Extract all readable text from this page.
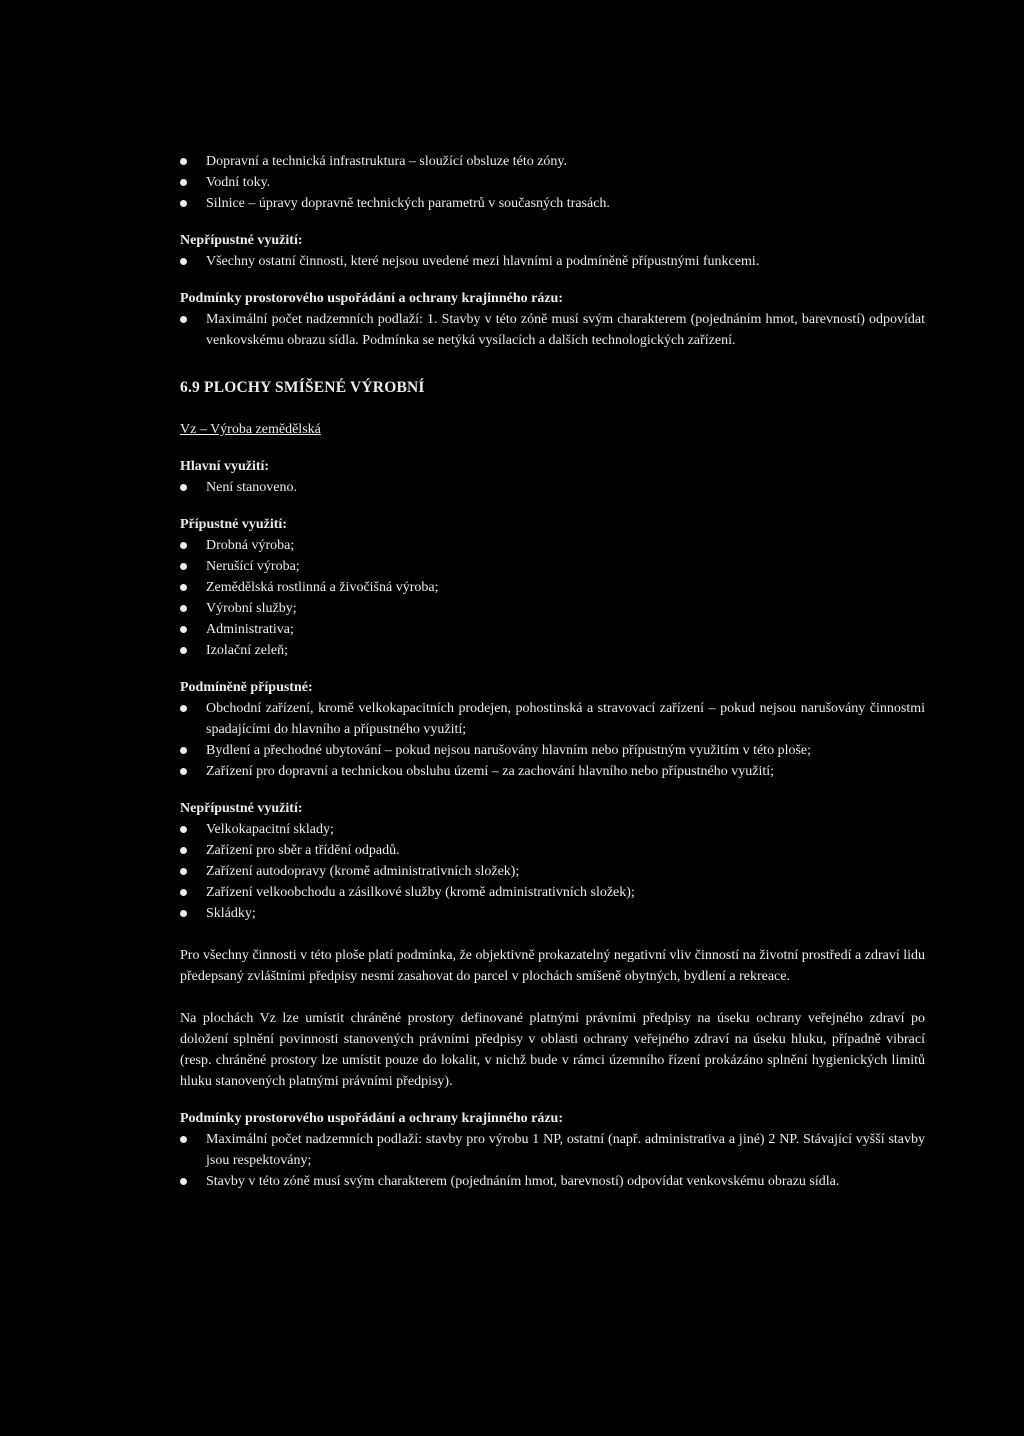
Dopravní a technická infrastruktura – sloužící obsluze této zóny.
Vodní toky.
Silnice – úpravy dopravně technických parametrů v současných trasách.

Nepřípustné využití:

Všechny ostatní činnosti, které nejsou uvedené mezi hlavními a podmíněně přípustnými funkcemi.

Podmínky prostorového uspořádání a ochrany krajinného rázu:

Maximální počet nadzemních podlaží: 1. Stavby v této zóně musí svým charakterem (pojednáním hmot, barevností) odpovídat venkovskému obrazu sídla. Podmínka se netýká vysílacích a dalších technologických zařízení.

6.9 PLOCHY SMÍŠENÉ VÝROBNÍ

Vz – Výroba zemědělská

Hlavní využití:

Není stanoveno.

Přípustné využití:

Drobná výroba;
Nerušící výroba;
Zemědělská rostlinná a živočišná výroba;
Výrobní služby;
Administrativa;
Izolační zeleň;

Podmíněně přípustné:

Obchodní zařízení, kromě velkokapacitních prodejen, pohostinská a stravovací zařízení – pokud nejsou narušovány činnostmi spadajícími do hlavního a přípustného využití;
Bydlení a přechodné ubytování – pokud nejsou narušovány hlavním nebo přípustným využitím v této ploše;
Zařízení pro dopravní a technickou obsluhu území – za zachování hlavního nebo přípustného využití;

Nepřípustné využití:

Velkokapacitní sklady;
Zařízení pro sběr a třídění odpadů.
Zařízení autodopravy (kromě administrativních složek);
Zařízení velkoobchodu a zásilkové služby (kromě administrativních složek);
Skládky;

Pro všechny činnosti v této ploše platí podmínka, že objektivně prokazatelný negativní vliv činností na životní prostředí a zdraví lidu předepsaný zvláštními předpisy nesmí zasahovat do parcel v plochách smíšeně obytných, bydlení a rekreace.

Na plochách Vz lze umístit chráněné prostory definované platnými právními předpisy na úseku ochrany veřejného zdraví po doložení splnění povinnosti stanovených právními předpisy v oblasti ochrany veřejného zdraví na úseku hluku, případně vibrací (resp. chráněné prostory lze umístit pouze do lokalit, v nichž bude v rámci územního řízení prokázáno splnění hygienických limitů hluku stanovených platnými právními předpisy).

Podmínky prostorového uspořádání a ochrany krajinného rázu:

Maximální počet nadzemních podlaží: stavby pro výrobu 1 NP, ostatní (např. administrativa a jiné) 2 NP. Stávající vyšší stavby jsou respektovány;
Stavby v této zóně musí svým charakterem (pojednáním hmot, barevností) odpovídat venkovskému obrazu sídla.
